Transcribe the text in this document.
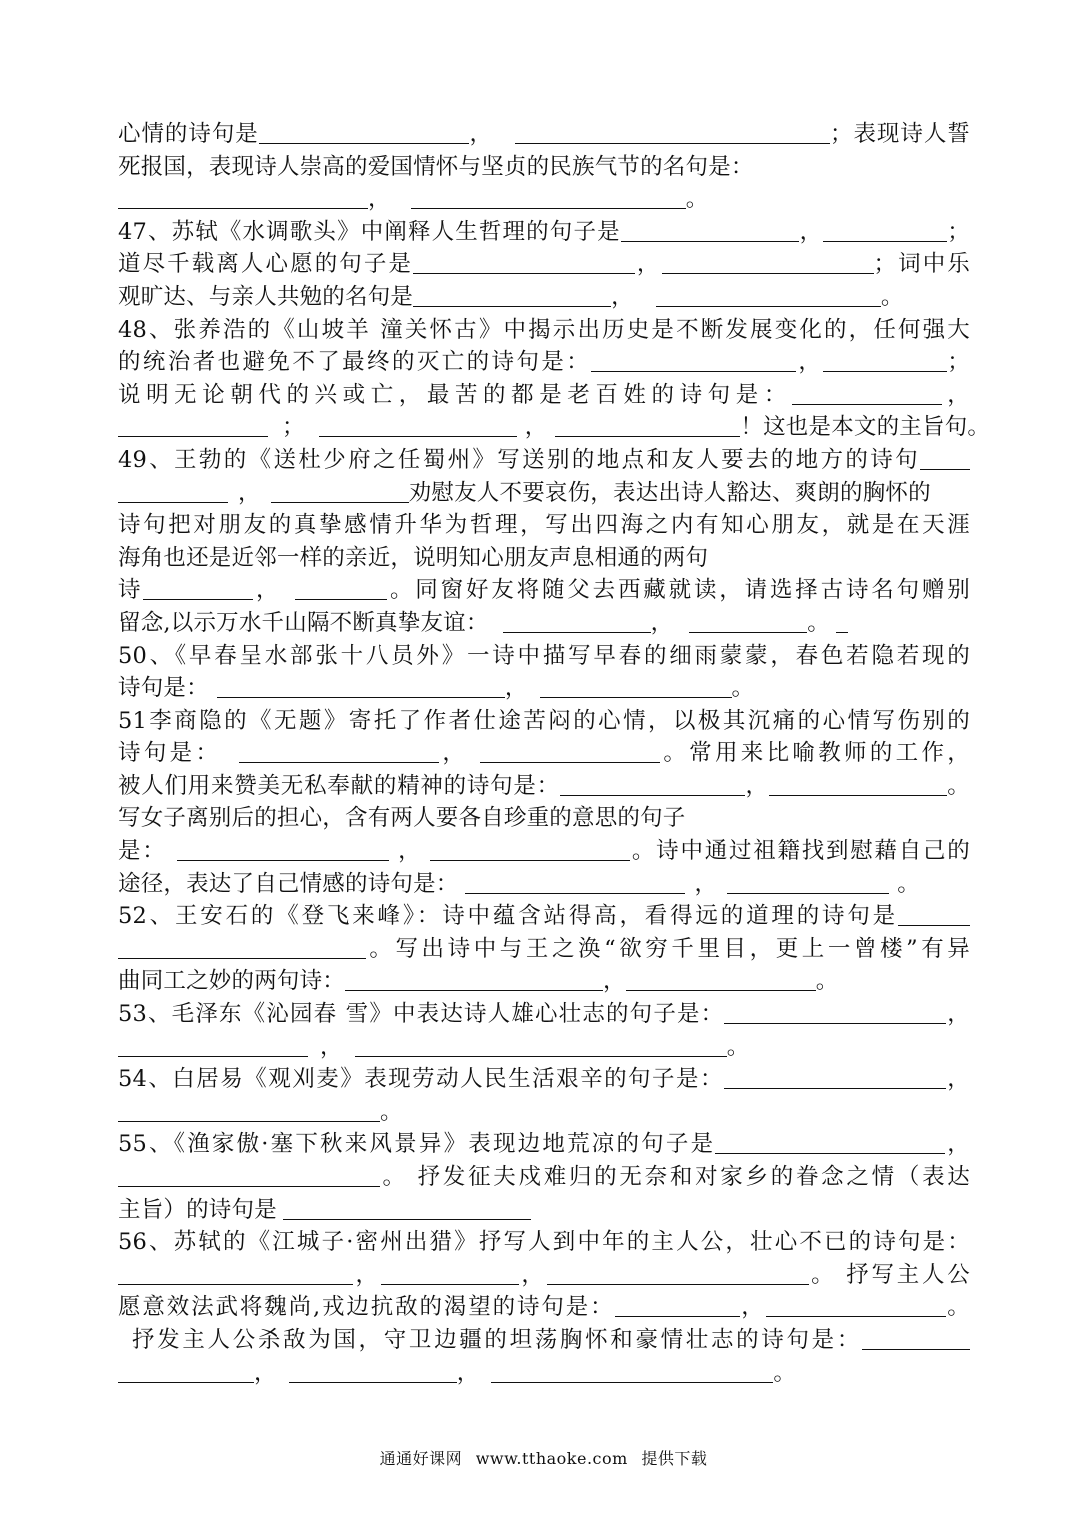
心情的诗句是	，	；表现诗人誓
死报国，表现诗人崇高的爱国情怀与坚贞的民族气节的名句是：
，	。
47、苏轼《水调歌头》中阐释人生哲理的句子是	，	；
道尽千载离人心愿的句子是	，	；词中乐
观旷达、与亲人共勉的名句是	，	。
48、张养浩的《山坡羊 潼关怀古》中揭示出历史是不断发展变化的，任何强大
的统治者也避免不了最终的灭亡的诗句是：	，	；
说明无论朝代的兴或亡，最苦的都是老百姓的诗句是：	，
；	，	！这也是本文的主旨句。
49、王勃的《送杜少府之任蜀州》写送别的地点和友人要去的地方的诗句
，	劝慰友人不要哀伤，表达出诗人豁达、爽朗的胸怀的
诗句把对朋友的真挚感情升华为哲理，写出四海之内有知心朋友，就是在天涯
海角也还是近邻一样的亲近，说明知心朋友声息相通的两句
诗	，	。同窗好友将随父去西藏就读，请选择古诗名句赠别
留念,以示万水千山隔不断真挚友谊：	，	。
50、《早春呈水部张十八员外》一诗中描写早春的细雨蒙蒙，春色若隐若现的
诗句是：	，	。
51李商隐的《无题》寄托了作者仕途苦闷的心情，以极其沉痛的心情写伤别的
诗句是：	，	。常用来比喻教师的工作，
被人们用来赞美无私奉献的精神的诗句是：	，	。
写女子离别后的担心，含有两人要各自珍重的意思的句子
是：	，	。诗中通过祖籍找到慰藉自己的
途径，表达了自己情感的诗句是：	，	。
52、王安石的《登飞来峰》：诗中蕴含站得高，看得远的道理的诗句是
。写出诗中与王之涣“欲穷千里目，更上一曾楼”有异
曲同工之妙的两句诗：	，	。
53、毛泽东《沁园春 雪》中表达诗人雄心壮志的句子是：	，
，	。
54、白居易《观刈麦》表现劳动人民生活艰辛的句子是：	，
。
55、《渔家傲·塞下秋来风景异》表现边地荒凉的句子是	，
。 抒发征夫戍难归的无奈和对家乡的眷念之情（表达
主旨）的诗句是
56、苏轼的《江城子·密州出猎》抒写人到中年的主人公，壮心不已的诗句是：
，	，	。 抒写主人公
愿意效法武将魏尚,戎边抗敌的渴望的诗句是：	，	。
抒发主人公杀敌为国，守卫边疆的坦荡胸怀和豪情壮志的诗句是：
，	，	。
通通好课网 www.tthaoke.com 提供下载
